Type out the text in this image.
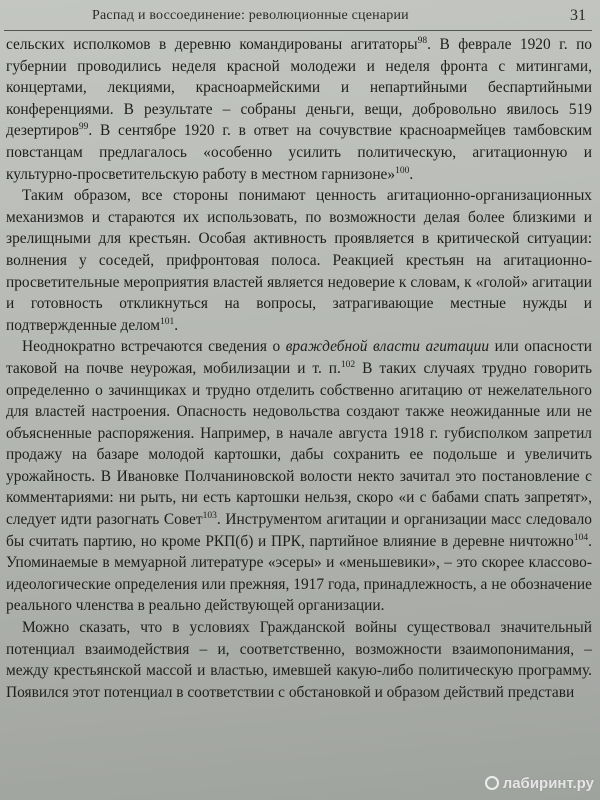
Распад и воссоединение: революционные сценарии	31

сельских исполкомов в деревню командированы агитаторы$^{98}$. В феврале 1920 г. по губернии проводились неделя красной молодежи и неделя фронта с митингами, концертами, лекциями, красноармейскими и непартийными беспартийными конференциями. В результате – собраны деньги, вещи, добровольно явилось 519 дезертиров$^{99}$. В сентябре 1920 г. в ответ на сочувствие красноармейцев тамбовским повстанцам предлагалось «особенно усилить политическую, агитационную и культурно-просветительскую работу в местном гарнизоне»$^{100}$.

Таким образом, все стороны понимают ценность агитационно-организационных механизмов и стараются их использовать, по возможности делая более близкими и зрелищными для крестьян. Особая активность проявляется в критической ситуации: волнения у соседей, прифронтовая полоса. Реакцией крестьян на агитационно-просветительные мероприятия властей является недоверие к словам, к «голой» агитации и готовность откликнуться на вопросы, затрагивающие местные нужды и подтвержденные делом$^{101}$.

Неоднократно встречаются сведения о враждебной власти агитации или опасности таковой на почве неурожая, мобилизации и т. п.$^{102}$ В таких случаях трудно говорить определенно о зачинщиках и трудно отделить собственно агитацию от нежелательного для властей настроения. Опасность недовольства создают также неожиданные или не объясненные распоряжения. Например, в начале августа 1918 г. губисполком запретил продажу на базаре молодой картошки, дабы сохранить ее подольше и увеличить урожайность. В Ивановке Полчаниновской волости некто зачитал это постановление с комментариями: ни рыть, ни есть картошки нельзя, скоро «и с бабами спать запретят», следует идти разогнать Совет$^{103}$. Инструментом агитации и организации масс следовало бы считать партию, но кроме РКП(б) и ПРК, партийное влияние в деревне ничтожно$^{104}$. Упоминаемые в мемуарной литературе «эсеры» и «меньшевики», – это скорее классово-идеологические определения или прежняя, 1917 года, принадлежность, а не обозначение реального членства в реально действующей организации.

Можно сказать, что в условиях Гражданской войны существовал значительный потенциал взаимодействия – и, соответственно, возможности взаимопонимания, – между крестьянской массой и властью, имевшей какую-либо политическую программу. Появился этот потенциал в соответствии с обстановкой и образом действий представи

лабиринт.ру
